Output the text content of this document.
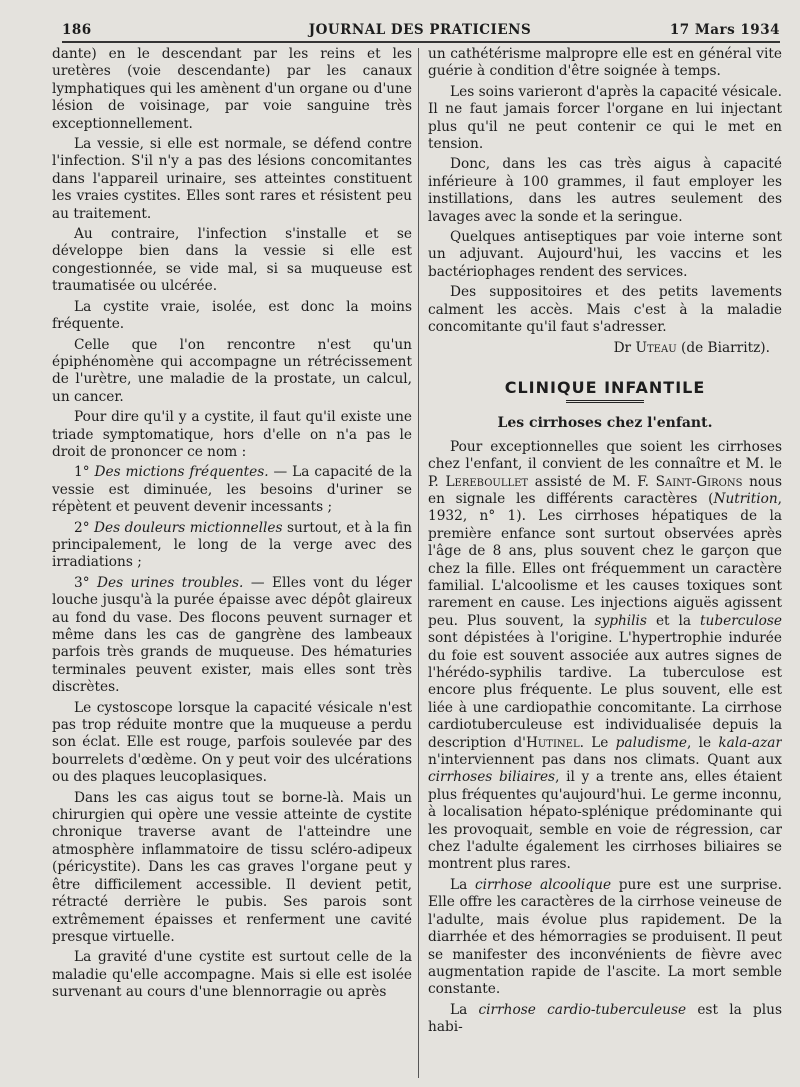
186	JOURNAL DES PRATICIENS	17 Mars 1934

dante) en le descendant par les reins et les uretères (voie descendante) par les canaux lymphatiques qui les amènent d'un organe ou d'une lésion de voisinage, par voie sanguine très exceptionnellement.

La vessie, si elle est normale, se défend contre l'infection. S'il n'y a pas des lésions concomitantes dans l'appareil urinaire, ses atteintes constituent les vraies cystites. Elles sont rares et résistent peu au traitement.

Au contraire, l'infection s'installe et se développe bien dans la vessie si elle est congestionnée, se vide mal, si sa muqueuse est traumatisée ou ulcérée.

La cystite vraie, isolée, est donc la moins fréquente.

Celle que l'on rencontre n'est qu'un épiphénomène qui accompagne un rétrécissement de l'urètre, une maladie de la prostate, un calcul, un cancer.

Pour dire qu'il y a cystite, il faut qu'il existe une triade symptomatique, hors d'elle on n'a pas le droit de prononcer ce nom :

1° Des mictions fréquentes. — La capacité de la vessie est diminuée, les besoins d'uriner se répètent et peuvent devenir incessants ;

2° Des douleurs mictionnelles surtout, et à la fin principalement, le long de la verge avec des irradiations ;

3° Des urines troubles. — Elles vont du léger louche jusqu'à la purée épaisse avec dépôt glaireux au fond du vase. Des flocons peuvent surnager et même dans les cas de gangrène des lambeaux parfois très grands de muqueuse. Des hématuries terminales peuvent exister, mais elles sont très discrètes.

Le cystoscope lorsque la capacité vésicale n'est pas trop réduite montre que la muqueuse a perdu son éclat. Elle est rouge, parfois soulevée par des bourrelets d'œdème. On y peut voir des ulcérations ou des plaques leucoplasiques.

Dans les cas aigus tout se borne-là. Mais un chirurgien qui opère une vessie atteinte de cystite chronique traverse avant de l'atteindre une atmosphère inflammatoire de tissu scléro-adipeux (péricystite). Dans les cas graves l'organe peut y être difficilement accessible. Il devient petit, rétracté derrière le pubis. Ses parois sont extrêmement épaisses et renferment une cavité presque virtuelle.

La gravité d'une cystite est surtout celle de la maladie qu'elle accompagne. Mais si elle est isolée survenant au cours d'une blennorragie ou après

un cathétérisme malpropre elle est en général vite guérie à condition d'être soignée à temps.

Les soins varieront d'après la capacité vésicale. Il ne faut jamais forcer l'organe en lui injectant plus qu'il ne peut contenir ce qui le met en tension.

Donc, dans les cas très aigus à capacité inférieure à 100 grammes, il faut employer les instillations, dans les autres seulement des lavages avec la sonde et la seringue.

Quelques antiseptiques par voie interne sont un adjuvant. Aujourd'hui, les vaccins et les bactériophages rendent des services.

Des suppositoires et des petits lavements calment les accès. Mais c'est à la maladie concomitante qu'il faut s'adresser.

Dr Uteau (de Biarritz).
CLINIQUE INFANTILE
Les cirrhoses chez l'enfant.

Pour exceptionnelles que soient les cirrhoses chez l'enfant, il convient de les connaître et M. le P. Lereboullet assisté de M. F. Saint-Girons nous en signale les différents caractères (Nutrition, 1932, n° 1). Les cirrhoses hépatiques de la première enfance sont surtout observées après l'âge de 8 ans, plus souvent chez le garçon que chez la fille. Elles ont fréquemment un caractère familial. L'alcoolisme et les causes toxiques sont rarement en cause. Les injections aiguës agissent peu. Plus souvent, la syphilis et la tuberculose sont dépistées à l'origine. L'hypertrophie indurée du foie est souvent associée aux autres signes de l'hérédo-syphilis tardive. La tuberculose est encore plus fréquente. Le plus souvent, elle est liée à une cardiopathie concomitante. La cirrhose cardiotuberculeuse est individualisée depuis la description d'Hutinel. Le paludisme, le kala-azar n'interviennent pas dans nos climats. Quant aux cirrhoses biliaires, il y a trente ans, elles étaient plus fréquentes qu'aujourd'hui. Le germe inconnu, à localisation hépato-splénique prédominante qui les provoquait, semble en voie de régression, car chez l'adulte également les cirrhoses biliaires se montrent plus rares.

La cirrhose alcoolique pure est une surprise. Elle offre les caractères de la cirrhose veineuse de l'adulte, mais évolue plus rapidement. De la diarrhée et des hémorragies se produisent. Il peut se manifester des inconvénients de fièvre avec augmentation rapide de l'ascite. La mort semble constante.

La cirrhose cardio-tuberculeuse est la plus habi-
